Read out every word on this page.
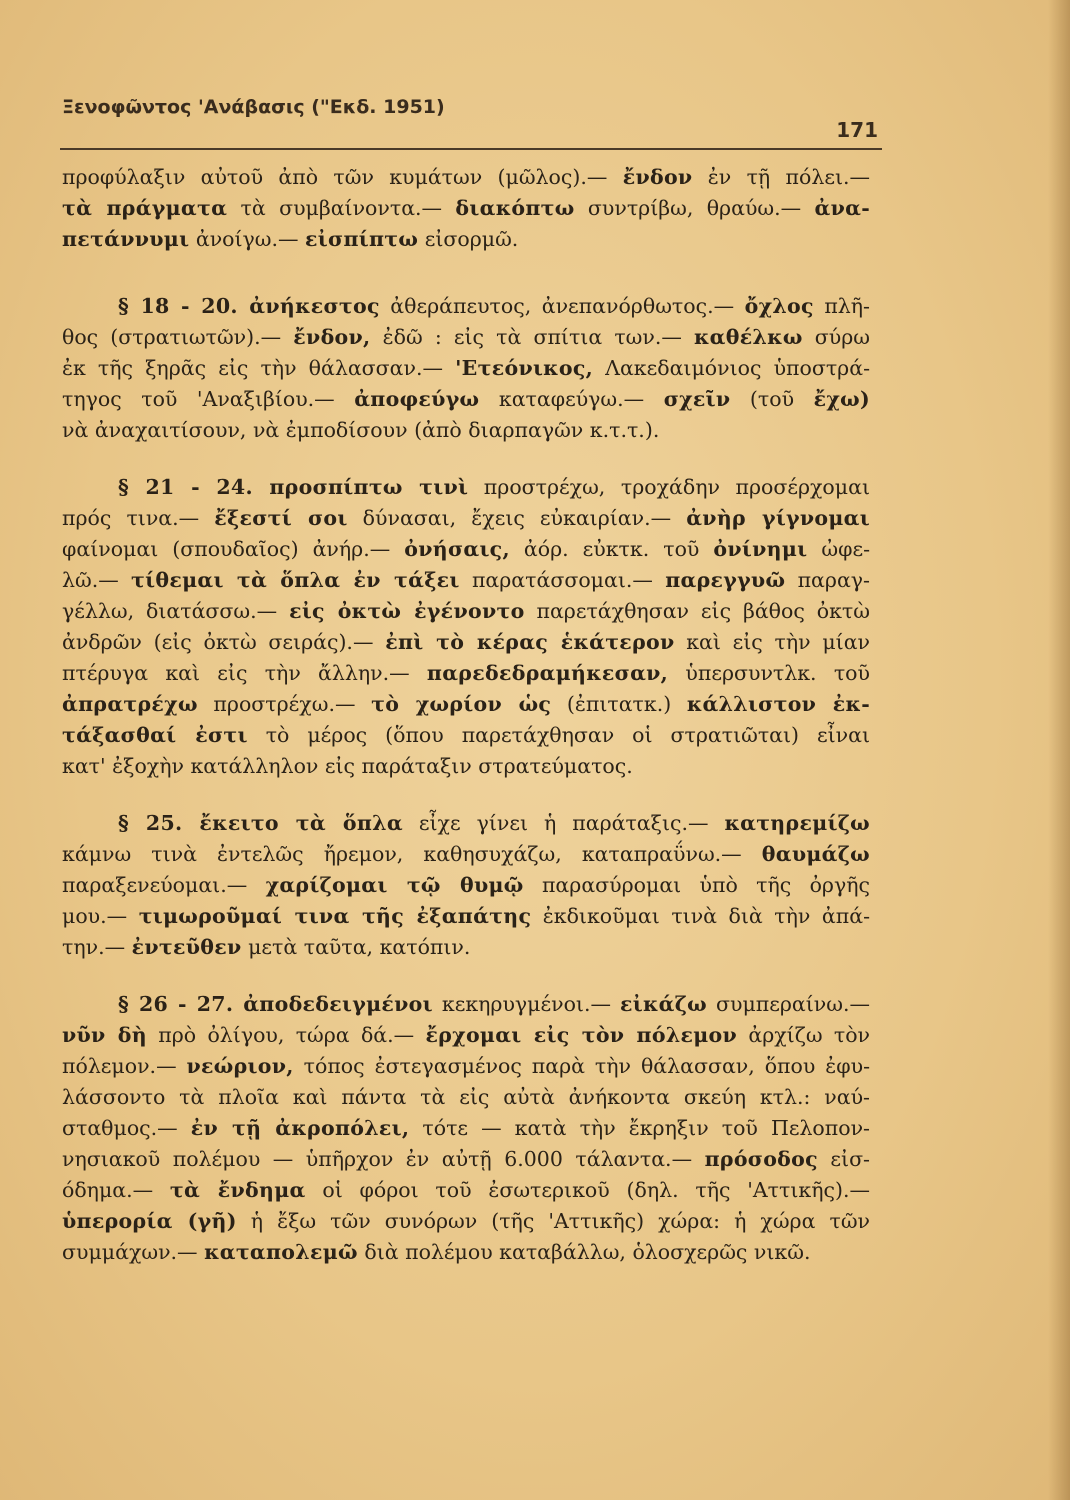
Ξενοφῶντος 'Ανάβασις ("Εκδ. 1951)
171
προφύλαξιν αὐτοῦ ἀπὸ τῶν κυμάτων (μῶλος).— ἔνδον ἐν τῇ πόλει.—
τὰ πράγματα τὰ συμβαίνοντα.— διακόπτω συντρίβω, θραύω.— ἀνα-
πετάννυμι ἀνοίγω.— εἰσπίπτω εἰσορμῶ.
§ 18 - 20. ἀνήκεστος ἀθεράπευτος, ἀνεπανόρθωτος.— ὄχλος πλῆ-
θος (στρατιωτῶν).— ἔνδον, ἐδῶ : εἰς τὰ σπίτια των.— καθέλκω σύρω
ἐκ τῆς ξηρᾶς εἰς τὴν θάλασσαν.— 'Ετεόνικος, Λακεδαιμόνιος ὑποστρά-
τηγος τοῦ 'Αναξιβίου.— ἀποφεύγω καταφεύγω.— σχεῖν (τοῦ ἔχω)
νὰ ἀναχαιτίσουν, νὰ ἐμποδίσουν (ἀπὸ διαρπαγῶν κ.τ.τ.).
§ 21 - 24. προσπίπτω τινὶ προστρέχω, τροχάδην προσέρχομαι
πρός τινα.— ἔξεστί σοι δύνασαι, ἔχεις εὐκαιρίαν.— ἀνὴρ γίγνομαι
φαίνομαι (σπουδαῖος) ἀνήρ.— ὀνήσαις, ἀόρ. εὐκτκ. τοῦ ὀνίνημι ὠφε-
λῶ.— τίθεμαι τὰ ὅπλα ἐν τάξει παρατάσσομαι.— παρεγγυῶ παραγ-
γέλλω, διατάσσω.— εἰς ὀκτὼ ἐγένοντο παρετάχθησαν εἰς βάθος ὀκτὼ
ἀνδρῶν (εἰς ὀκτὼ σειράς).— ἐπὶ τὸ κέρας ἑκάτερον καὶ εἰς τὴν μίαν
πτέρυγα καὶ εἰς τὴν ἄλλην.— παρεδεδραμήκεσαν, ὑπερσυντλκ. τοῦ
ἀπρατρέχω προστρέχω.— τὸ χωρίον ὡς (ἐπιτατκ.) κάλλιστον ἐκ-
τάξασθαί ἐστι τὸ μέρος (ὅπου παρετάχθησαν οἱ στρατιῶται) εἶναι
κατ' ἐξοχὴν κατάλληλον εἰς παράταξιν στρατεύματος.
§ 25. ἔκειτο τὰ ὅπλα εἶχε γίνει ἡ παράταξις.— κατηρεμίζω
κάμνω τινὰ ἐντελῶς ἤρεμον, καθησυχάζω, καταπραΰνω.— θαυμάζω
παραξενεύομαι.— χαρίζομαι τῷ θυμῷ παρασύρομαι ὑπὸ τῆς ὀργῆς
μου.— τιμωροῦμαί τινα τῆς ἐξαπάτης ἐκδικοῦμαι τινὰ διὰ τὴν ἀπά-
την.— ἐντεῦθεν μετὰ ταῦτα, κατόπιν.
§ 26 - 27. ἀποδεδειγμένοι κεκηρυγμένοι.— εἰκάζω συμπεραίνω.—
νῦν δὴ πρὸ ὀλίγου, τώρα δά.— ἔρχομαι εἰς τὸν πόλεμον ἀρχίζω τὸν
πόλεμον.— νεώριον, τόπος ἐστεγασμένος παρὰ τὴν θάλασσαν, ὅπου ἐφυ-
λάσσοντο τὰ πλοῖα καὶ πάντα τὰ εἰς αὐτὰ ἀνήκοντα σκεύη κτλ.: ναύ-
σταθμος.— ἐν τῇ ἀκροπόλει, τότε — κατὰ τὴν ἔκρηξιν τοῦ Πελοπον-
νησιακοῦ πολέμου — ὑπῆρχον ἐν αὐτῇ 6.000 τάλαντα.— πρόσοδος εἰσ-
όδημα.— τὰ ἔνδημα οἱ φόροι τοῦ ἐσωτερικοῦ (δηλ. τῆς 'Αττικῆς).—
ὑπερορία (γῆ) ἡ ἔξω τῶν συνόρων (τῆς 'Αττικῆς) χώρα: ἡ χώρα τῶν
συμμάχων.— καταπολεμῶ διὰ πολέμου καταβάλλω, ὁλοσχερῶς νικῶ.
